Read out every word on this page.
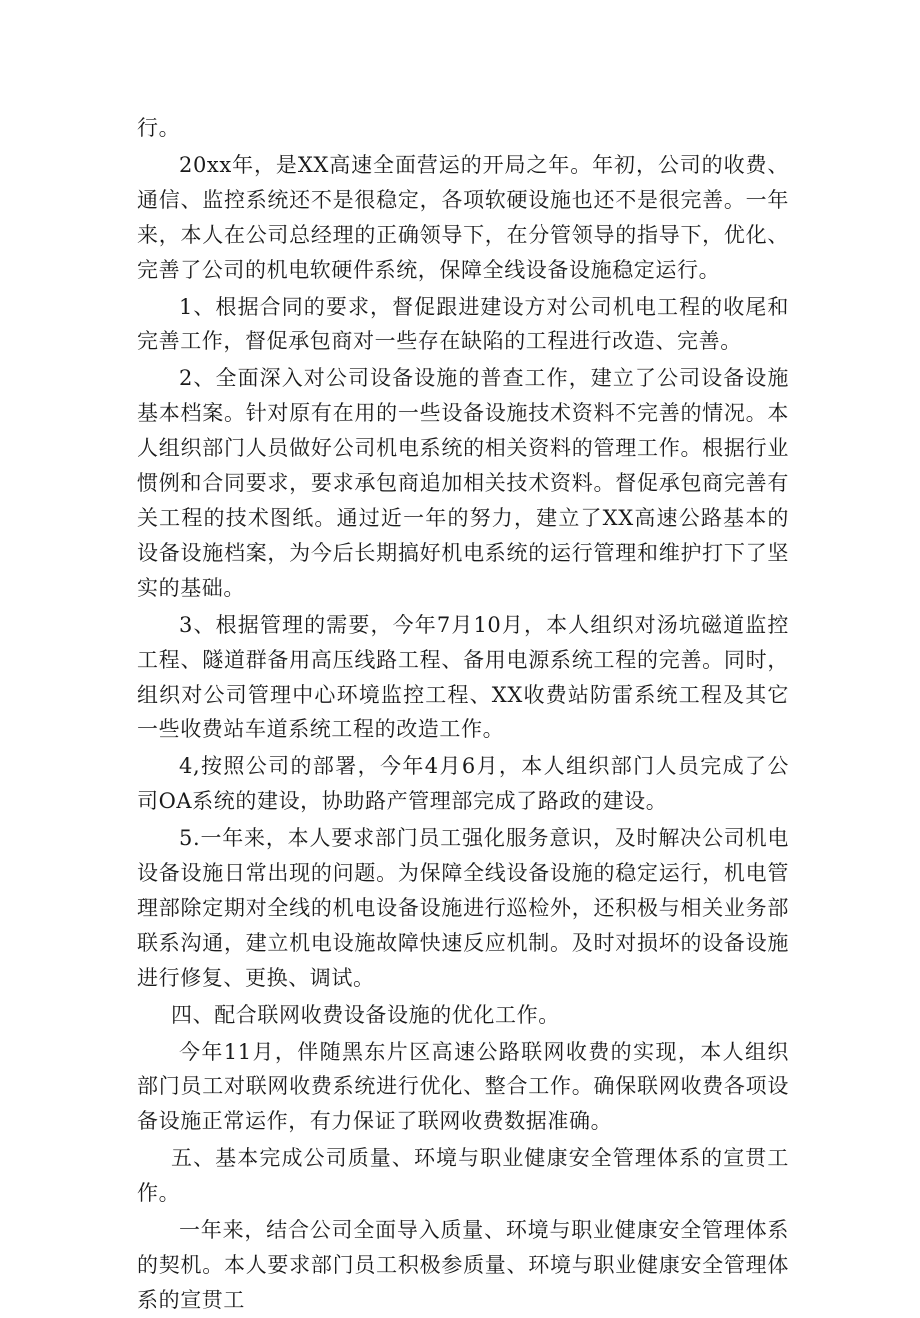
行。

20xx年，是XX高速全面营运的开局之年。年初，公司的收费、通信、监控系统还不是很稳定，各项软硬设施也还不是很完善。一年来，本人在公司总经理的正确领导下，在分管领导的指导下，优化、完善了公司的机电软硬件系统，保障全线设备设施稳定运行。

1、根据合同的要求，督促跟进建设方对公司机电工程的收尾和完善工作，督促承包商对一些存在缺陷的工程进行改造、完善。

2、全面深入对公司设备设施的普查工作，建立了公司设备设施基本档案。针对原有在用的一些设备设施技术资料不完善的情况。本人组织部门人员做好公司机电系统的相关资料的管理工作。根据行业惯例和合同要求，要求承包商追加相关技术资料。督促承包商完善有关工程的技术图纸。通过近一年的努力，建立了XX高速公路基本的设备设施档案，为今后长期搞好机电系统的运行管理和维护打下了坚实的基础。

3、根据管理的需要，今年7月10月，本人组织对汤坑磁道监控工程、隧道群备用高压线路工程、备用电源系统工程的完善。同时，组织对公司管理中心环境监控工程、XX收费站防雷系统工程及其它一些收费站车道系统工程的改造工作。

4,按照公司的部署，今年4月6月，本人组织部门人员完成了公司OA系统的建设，协助路产管理部完成了路政的建设。

5.一年来，本人要求部门员工强化服务意识，及时解决公司机电设备设施日常出现的问题。为保障全线设备设施的稳定运行，机电管理部除定期对全线的机电设备设施进行巡检外，还积极与相关业务部联系沟通，建立机电设施故障快速反应机制。及时对损坏的设备设施进行修复、更换、调试。

四、配合联网收费设备设施的优化工作。

今年11月，伴随黑东片区高速公路联网收费的实现，本人组织部门员工对联网收费系统进行优化、整合工作。确保联网收费各项设备设施正常运作，有力保证了联网收费数据准确。

五、基本完成公司质量、环境与职业健康安全管理体系的宣贯工作。

一年来，结合公司全面导入质量、环境与职业健康安全管理体系的契机。本人要求部门员工积极参质量、环境与职业健康安全管理体系的宣贯工
